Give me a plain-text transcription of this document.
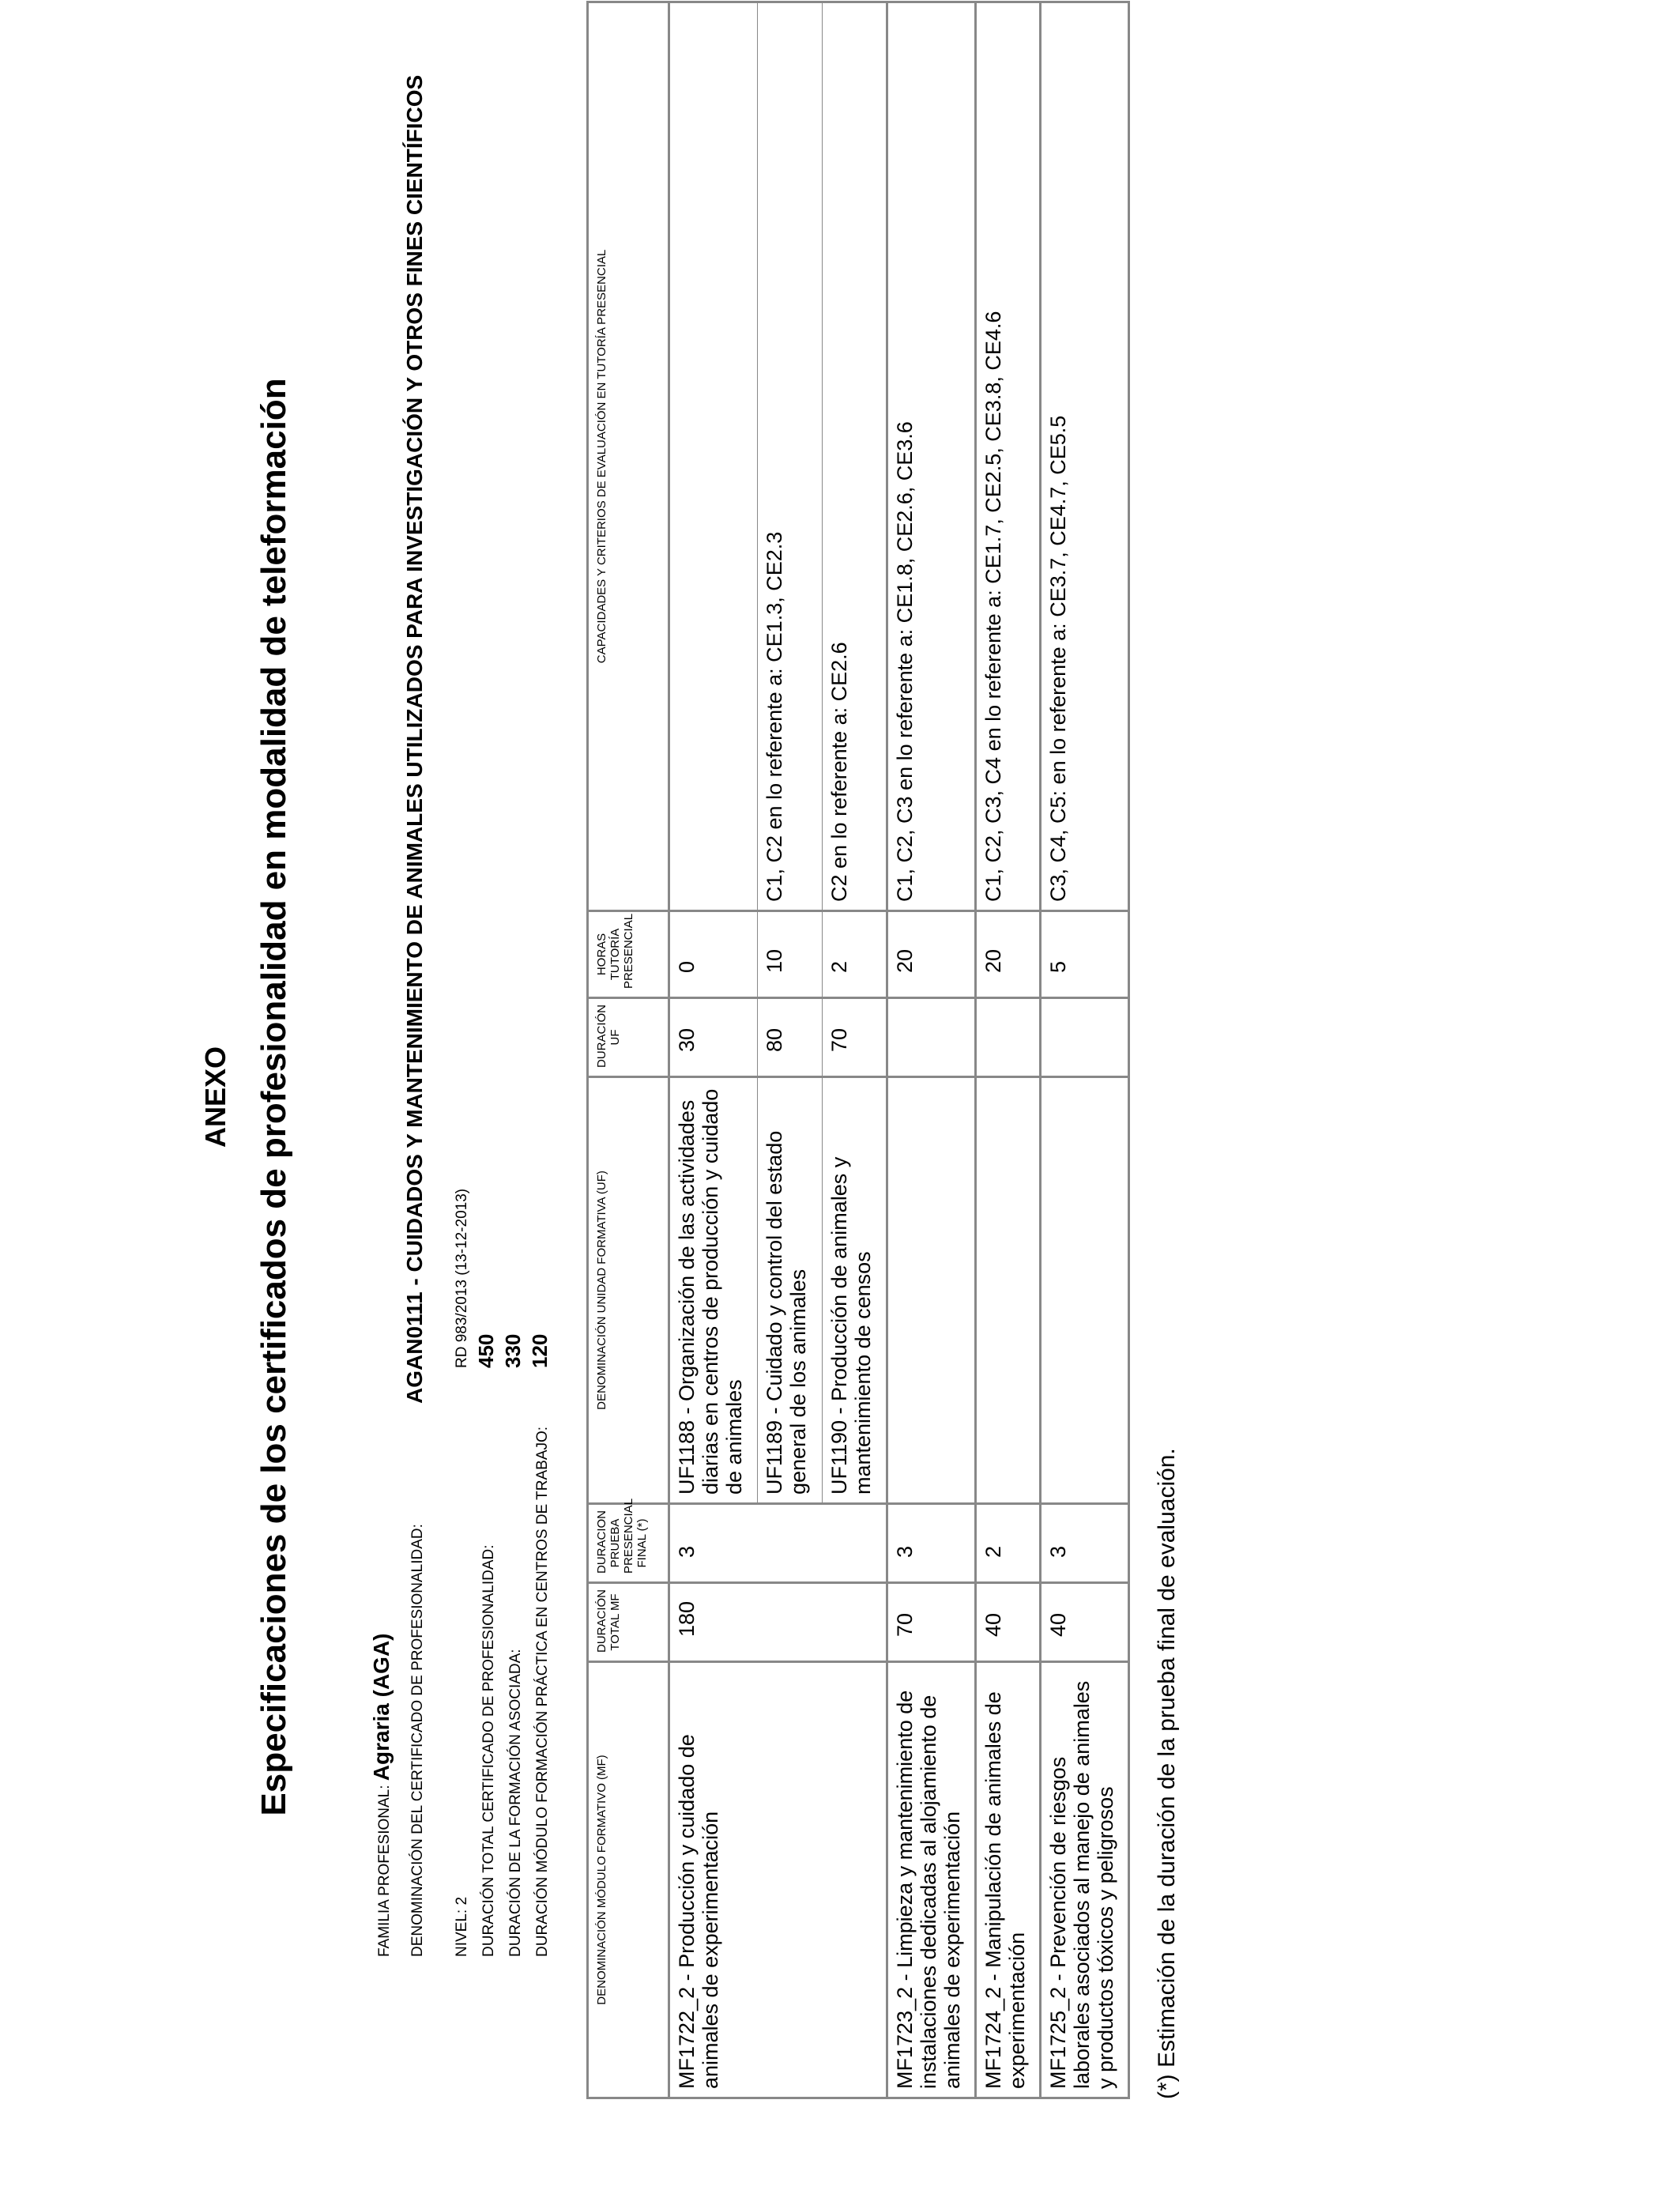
ANEXO Especificaciones de los certificados de profesionalidad en modalidad de teleformación
FAMILIA PROFESIONAL:

Agraria (AGA) DENOMINACIÓN DEL CERTIFICADO DE PROFESIONALIDAD:
AGAN0111 - CUIDADOS Y MANTENIMIENTO DE ANIMALES UTILIZADOS PARA INVESTIGACIÓN Y OTROS FINES CIENTÍFICOS
NIVEL: 2
RD 983/2013 (13-12-2013)
DURACIÓN TOTAL CERTIFICADO DE PROFESIONALIDAD:
450
DURACIÓN DE LA FORMACIÓN ASOCIADA:
330
DURACIÓN MÓDULO FORMACIÓN PRÁCTICA EN CENTROS DE TRABAJO:
120
DENOMINACIÓN MÓDULO FORMATIVO (MF)	DURACIÓN TOTAL MF	DURACION PRUEBA PRESENCIAL FINAL (*)	DENOMINACIÓN UNIDAD FORMATIVA (UF)	DURACIÓN UF	HORAS TUTORÍA PRESENCIAL	CAPACIDADES Y CRITERIOS DE EVALUACIÓN EN TUTORÍA PRESENCIAL
MF1722_2 - Producción y cuidado de animales de experimentación	180	3	UF1188 - Organización de las actividades diarias en centros de producción y cuidado de animales	30	0	
			UF1189 - Cuidado y control del estado general de los animales	80	10	C1, C2 en lo referente a: CE1.3, CE2.3
			UF1190 - Producción de animales y mantenimiento de censos	70	2	C2 en lo referente a: CE2.6
MF1723_2 - Limpieza y mantenimiento de instalaciones dedicadas al alojamiento de animales de experimentación	70	3			20	C1, C2, C3 en lo referente a: CE1.8, CE2.6, CE3.6
MF1724_2 - Manipulación de animales de experimentación	40	2			20	C1, C2, C3, C4 en lo referente a: CE1.7, CE2.5, CE3.8, CE4.6
MF1725_2 - Prevención de riesgos laborales asociados al manejo de animales y productos tóxicos y peligrosos	40	3			5	C3, C4, C5: en lo referente a: CE3.7, CE4.7, CE5.5
(*) Estimación de la duración de la prueba final de evaluación.
